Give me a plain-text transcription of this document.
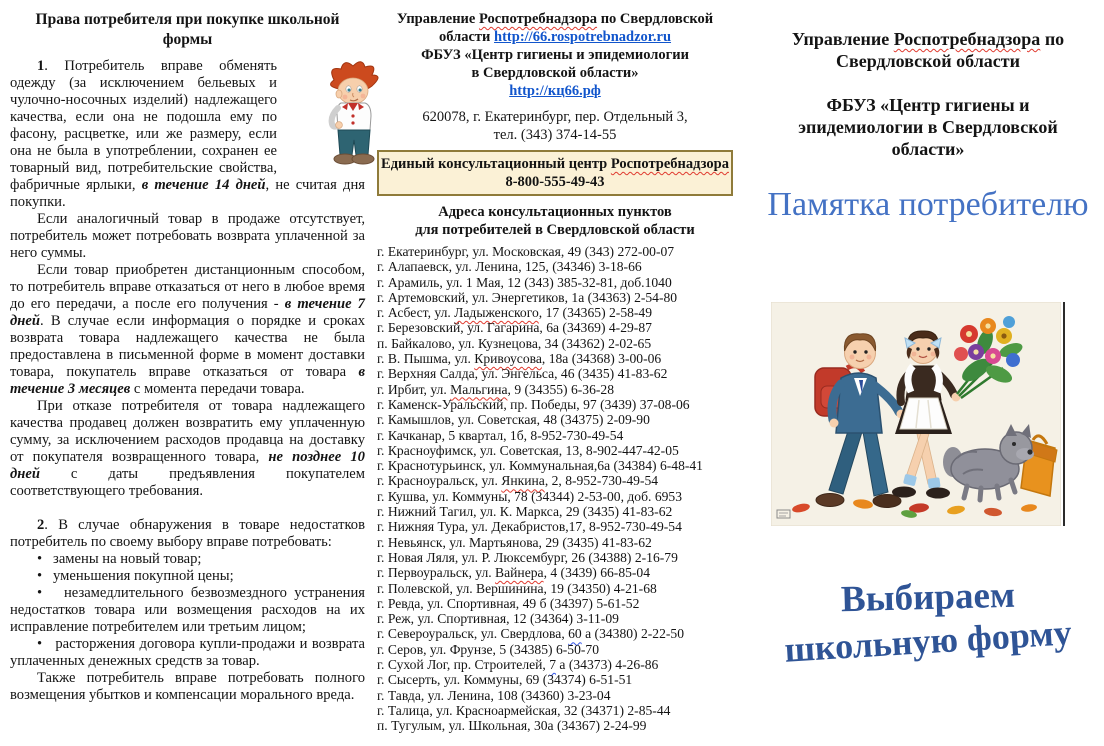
Права потребителя при покупке школьной формы

1. Потребитель вправе обменять одежду (за исключением бельевых и чулочно-носочных изделий) надлежащего качества, если она не подошла ему по фасону, расцветке, или же размеру, если она не была в употреблении, сохранен ее товарный вид, потребительские свойства, фабричные ярлыки, в течение 14 дней, не считая дня покупки.

Если аналогичный товар в продаже отсутствует, потребитель может потребовать возврата уплаченной за него суммы.

Если товар приобретен дистанционным способом, то потребитель вправе отказаться от него в любое время до его передачи, а после его получения - в течение 7 дней. В случае если информация о порядке и сроках возврата товара надлежащего качества не была предоставлена в письменной форме в момент доставки товара, покупатель вправе отказаться от товара в течение 3 месяцев с момента передачи товара.

При отказе потребителя от товара надлежащего качества продавец должен возвратить ему уплаченную сумму, за исключением расходов продавца на доставку от покупателя возвращенного товара, не позднее 10 дней с даты предъявления покупателем соответствующего требования.

2. В случае обнаружения в товаре недостатков потребитель по своему выбору вправе потребовать:

•   замены на новый товар;
•   уменьшения покупной цены;
•   незамедлительного безвозмездного устранения недостатков товара или возмещения расходов на их исправление потребителем или третьим лицом;
•   расторжения договора купли-продажи и возврата уплаченных денежных средств за товар.

Также потребитель вправе потребовать полного возмещения убытков и компенсации морального вреда.

Управление Роспотребнадзора по Свердловской
области http://66.rospotrebnadzor.ru
ФБУЗ «Центр гигиены и эпидемиологии
в Свердловской области»
http://кц66.рф
620078, г. Екатеринбург, пер. Отдельный 3,
тел. (343) 374-14-55
Единый консультационный центр Роспотребнадзора
8-800-555-49-43
Адреса консультационных пунктов
для потребителей в Свердловской области
г. Екатеринбург, ул. Московская, 49 (343) 272-00-07
г. Алапаевск, ул. Ленина, 125, (34346) 3-18-66
г. Арамиль, ул. 1 Мая, 12 (343) 385-32-81, доб.1040
г. Артемовский, ул. Энергетиков, 1а (34363) 2-54-80
г. Асбест, ул. Ладыженского, 17 (34365) 2-58-49
г. Березовский, ул. Гагарина, 6а (34369) 4-29-87
п. Байкалово, ул. Кузнецова, 34 (34362) 2-02-65
г. В. Пышма, ул. Кривоусова, 18а (34368) 3-00-06
г. Верхняя Салда, ул. Энгельса, 46 (3435) 41-83-62
г. Ирбит, ул. Мальгина, 9 (34355) 6-36-28
г. Каменск-Уральский, пр. Победы, 97 (3439) 37-08-06
г. Камышлов, ул. Советская, 48 (34375) 2-09-90
г. Качканар, 5 квартал, 1б, 8-952-730-49-54
г. Красноуфимск, ул. Советская, 13, 8-902-447-42-05
г. Краснотурьинск, ул. Коммунальная,6а (34384) 6-48-41
г. Красноуральск, ул. Янкина, 2, 8-952-730-49-54
г. Кушва, ул. Коммуны, 78 (34344) 2-53-00, доб. 6953
г. Нижний Тагил, ул. К. Маркса, 29 (3435) 41-83-62
г. Нижняя Тура, ул. Декабристов,17, 8-952-730-49-54
г. Невьянск, ул. Мартьянова, 29 (3435) 41-83-62
г. Новая Ляля, ул. Р. Люксембург, 26 (34388) 2-16-79
г. Первоуральск, ул. Вайнера, 4 (3439) 66-85-04
г. Полевской, ул. Вершинина, 19 (34350) 4-21-68
г. Ревда, ул. Спортивная, 49 б (34397) 5-61-52
г. Реж, ул. Спортивная, 12 (34364) 3-11-09
г. Североуральск, ул. Свердлова, 60 а (34380) 2-22-50
г. Серов, ул. Фрунзе, 5 (34385) 6-50-70
г. Сухой Лог, пр. Строителей, 7 а (34373) 4-26-86
г. Сысерть, ул. Коммуны, 69 (34374) 6-51-51
г. Тавда, ул. Ленина, 108 (34360) 3-23-04
г. Талица, ул. Красноармейская, 32 (34371) 2-85-44
п. Тугулым, ул. Школьная, 30а (34367) 2-24-99
Управление Роспотребнадзора по
Свердловской области
ФБУЗ «Центр гигиены и
эпидемиологии в Свердловской
области»
Памятка потребителю
Выбираем
школьную форму
